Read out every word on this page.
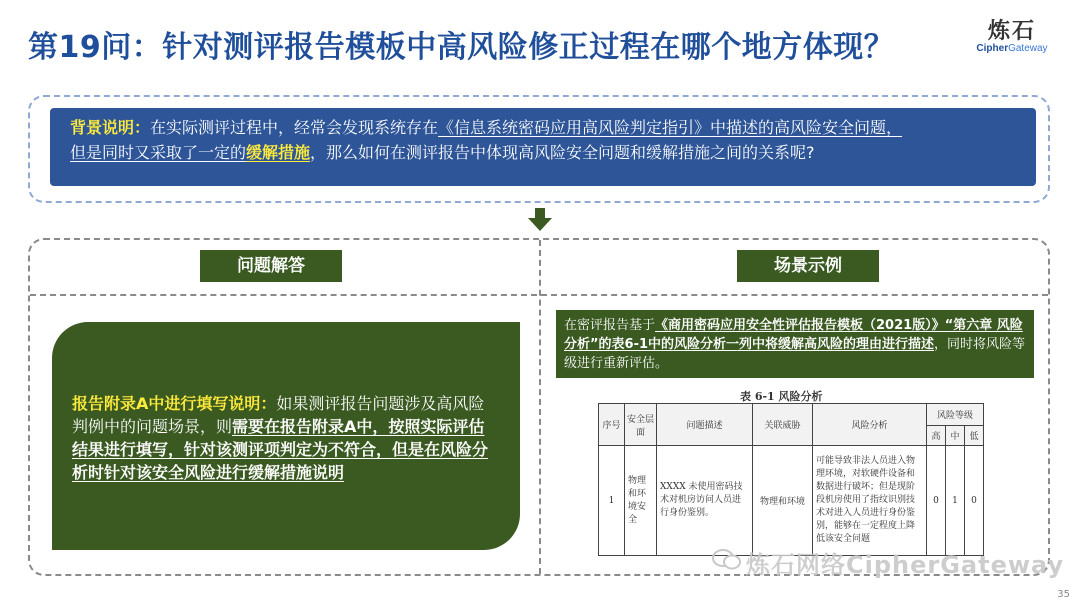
第19问：针对测评报告模板中高风险修正过程在哪个地方体现？	炼石
CipherGateway
背景说明：在实际测评过程中，经常会发现系统存在《信息系统密码应用高风险判定指引》中描述的高风险安全问题，
但是同时又采取了一定的缓解措施，那么如何在测评报告中体现高风险安全问题和缓解措施之间的关系呢?
问题解答	场景示例
报告附录A中进行填写说明：如果测评报告问题涉及高风险判例中的问题场景，则需要在报告附录A中，按照实际评估结果进行填写，针对该测评项判定为不符合，但是在风险分析时针对该安全风险进行缓解措施说明
在密评报告基于《商用密码应用安全性评估报告模板（2021版）》“第六章 风险分析”的表6-1中的风险分析一列中将缓解高风险的理由进行描述，同时将风险等级进行重新评估。
表 6-1 风险分析
序号	安全层面	问题描述	关联威胁	风险分析	风险等级		
					高	中	低
1	物理和环境安全	XXXX 未使用密码技术对机房访问人员进行身份鉴别。	物理和环境	可能导致非法人员进入物理环境，对软硬件设备和数据进行破坏；但是现阶段机房使用了指纹识别技术对进入人员进行身份鉴别，能够在一定程度上降低该安全问题	0	1	0
炼石网络CipherGateway
35
